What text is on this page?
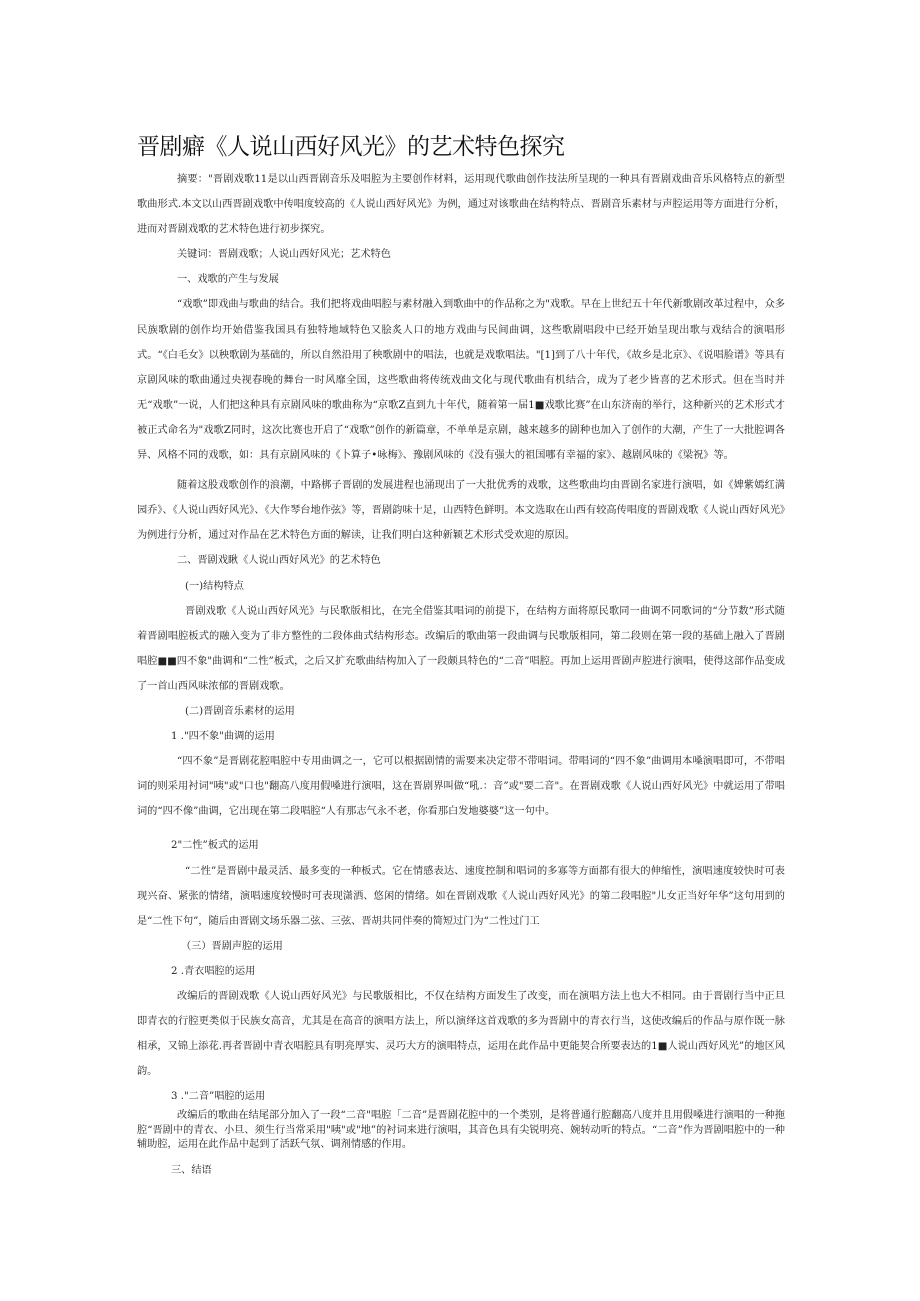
晋剧癖《人说山西好风光》的艺术特色探究

摘要："晋剧戏歌11是以山西晋剧音乐及唱腔为主要创作材料，运用现代歌曲创作技法所呈现的一种具有晋剧戏曲音乐风格特点的新型歌曲形式.本文以山西晋剧戏歌中传唱度较高的《人说山西好风光》为例，通过对该歌曲在结构特点、晋剧音乐素材与声腔运用等方面进行分析，进而对晋剧戏歌的艺术特色进行初步探究。

关键词：晋剧戏歌；人说山西好风光；艺术特色

一、戏歌的产生与发展

“戏歌”即戏曲与歌曲的结合。我们把将戏曲唱腔与素材融入到歌曲中的作品称之为"戏歌。早在上世纪五十年代新歌剧改革过程中，众多民族歌剧的创作均开始借鉴我国具有独特地域特色又脍炙人口的地方戏曲与民间曲调，这些歌剧唱段中已经开始呈现出歌与戏结合的演唱形式。“《白毛女》以秧歌剧为基础的，所以自然沿用了秧歌剧中的唱法，也就是戏歌唱法。"[1]到了八十年代，《故乡是北京》、《说唱脸谱》等具有京剧风味的歌曲通过央视春晚的舞台一时风靡全国，这些歌曲将传统戏曲文化与现代歌曲有机结合，成为了老少皆喜的艺术形式。但在当时并无“戏歌”一说，人们把这种具有京剧风味的歌曲称为“京歌Z直到九十年代，随着第一届1■戏歌比赛”在山东济南的举行，这种新兴的艺术形式才被正式命名为"戏歌Z同时，这次比赛也开启了“戏歌”创作的新篇章，不单单是京剧，越来越多的剧种也加入了创作的大潮，产生了一大批腔调各异、风格不同的戏歌，如：具有京剧风味的《卜算子•咏梅》、豫剧风味的《没有强大的祖国哪有幸福的家》、越剧风味的《梁祝》等。

随着这股戏歌创作的浪潮，中路梆子晋剧的发展进程也涌现出了一大批优秀的戏歌，这些歌曲均由晋剧名家进行演唱，如《婢紫嫣红满园乔》、《人说山西好风光》、《大作琴台地作弦》等，晋剧韵味十足，山西特色鲜明。本文选取在山西有较高传唱度的晋剧戏歌《人说山西好风光》为例进行分析，通过对作品在艺术特色方面的解读，让我们明白这种新颖艺术形式受欢迎的原因。

二、晋剧戏瞅《人说山西好风光》的艺术特色

(一)结构特点

晋剧戏歌《人说山西好风光》与民歌版相比，在完全借鉴其唱词的前提下，在结构方面将原民歌同一曲调不同歌词的“分节数”形式随着晋剧唱腔板式的融入变为了非方整性的二段体曲式结构形态。改编后的歌曲第一段曲调与民歌版相同，第二段则在第一段的基础上融入了晋剧唱腔■■四不象"曲调和“二性”板式，之后又扩充歌曲结构加入了一段颇具特色的“二音”唱腔。再加上运用晋剧声腔进行演唱，使得这部作品变成了一首山西风味浓郁的晋剧戏歌。

(二)晋剧音乐素材的运用

1 ."四不象"曲调的运用

“四不象”是晋剧花腔唱腔中专用曲调之一，它可以根据剧情的需要来决定带不带唱词。带唱词的“四不象”曲调用本嗓演唱即可，不带唱词的则采用衬词"咦"或"口也"翻高八度用假嗓进行演唱，这在晋剧界叫做“吼.：音”或"要二音"。在晋剧戏歌《人说山西好风光》中就运用了带唱词的“四不像”曲调，它出现在第二段唱腔“人有那志气永不老，你看那白发地婆婆”这一句中。

2"二性”板式的运用

“二性”是晋剧中最灵活、最多变的一种板式。它在情感表达、速度控制和唱词的多寡等方面都有很大的伸缩性，演唱速度较快时可表现兴奋、紧张的情绪，演唱速度较慢时可表现潇洒、悠闲的情绪。如在晋剧戏歌《人说山西好风光》的第二段唱腔"儿女正当好年华”这句用到的是“二性下句”，随后由晋剧文场乐器二弦、三弦、晋胡共同伴奏的简短过门为“二性过门工

（三）晋剧声腔的运用

2 .青衣唱腔的运用

改编后的晋剧戏歌《人说山西好风光》与民歌版相比，不仅在结构方面发生了改变，而在演唱方法上也大不相同。由于晋剧行当中正旦即青衣的行腔更类似于民族女高音，尤其是在高音的演唱方法上，所以演绎这首戏歌的多为晋剧中的青衣行当，这使改编后的作品与原作既一脉相承，又锦上添花.再者晋剧中青衣唱腔具有明亮厚实、灵巧大方的演唱特点，运用在此作品中更能契合所要表达的1■人说山西好风光”的地区风韵。

3 ."二音”唱腔的运用

改编后的歌曲在结尾部分加入了一段“二音"唱腔「二音”是晋剧花腔中的一个类别，是将普通行腔翻高八度并且用假嗓进行演唱的一种拖腔“晋剧中的青衣、小旦、须生行当常采用"咦"或"地”的衬词来进行演唱，其音色具有尖锐明亮、婉转动听的特点。“二音”作为晋剧唱腔中的一种辅助腔，运用在此作品中起到了活跃气氛、调剂情感的作用。

三、结语
